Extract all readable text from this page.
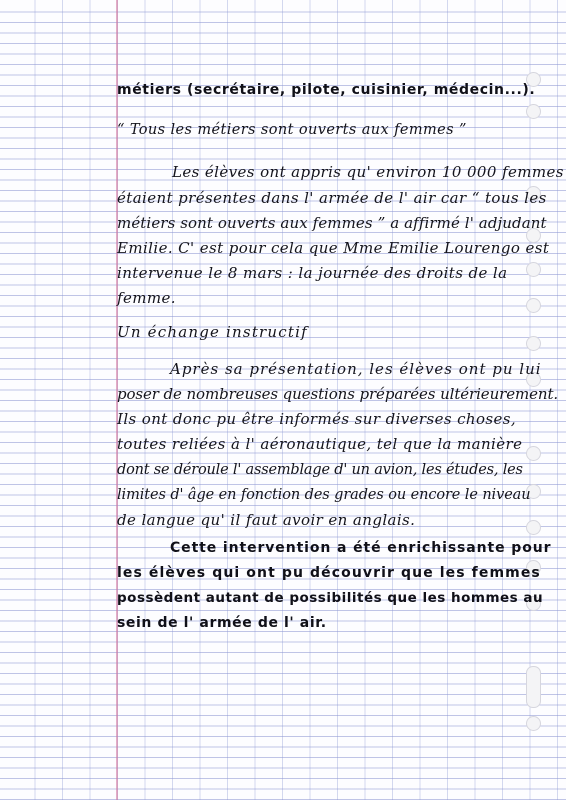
métiers (secrétaire, pilote, cuisinier, médecin...).
“ Tous les métiers sont ouverts aux femmes ”
Les élèves ont appris qu' environ 10 000 femmes
étaient présentes dans l' armée de l' air car “ tous les
métiers sont ouverts aux femmes ” a affirmé l' adjudant
Emilie. C' est pour cela que Mme Emilie Lourengo est
intervenue le 8 mars : la journée des droits de la
femme.
Un échange instructif
Après sa présentation, les élèves ont pu lui
poser de nombreuses questions préparées ultérieurement.
Ils ont donc pu être informés sur diverses choses,
toutes reliées à l' aéronautique, tel que la manière
dont se déroule l' assemblage d' un avion, les études, les
limites d' âge en fonction des grades ou encore le niveau
de langue qu' il faut avoir en anglais.
Cette intervention a été enrichissante pour
les élèves qui ont pu découvrir que les femmes
possèdent autant de possibilités que les hommes au
sein de l' armée de l' air.
